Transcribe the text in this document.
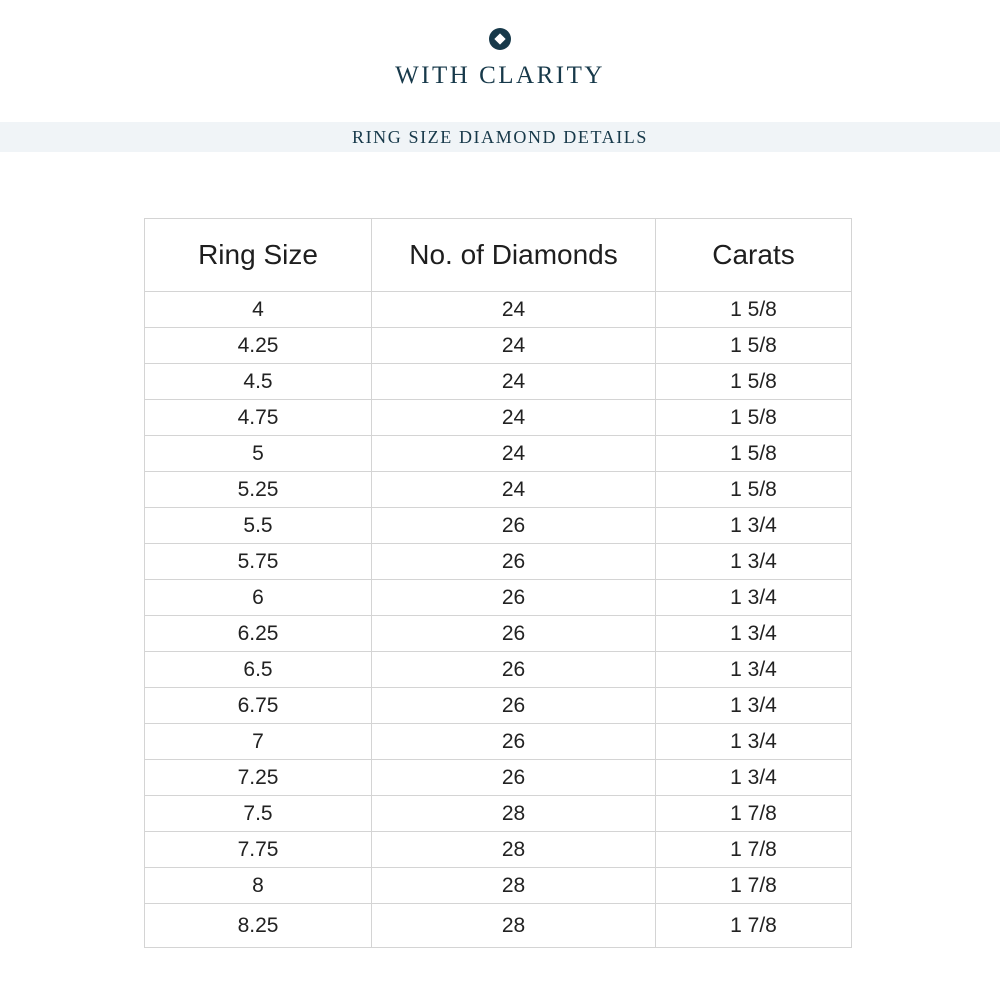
WITH CLARITY
RING SIZE DIAMOND DETAILS
Ring Size	No. of Diamonds	Carats
4	24	1 5/8
4.25	24	1 5/8
4.5	24	1 5/8
4.75	24	1 5/8
5	24	1 5/8
5.25	24	1 5/8
5.5	26	1 3/4
5.75	26	1 3/4
6	26	1 3/4
6.25	26	1 3/4
6.5	26	1 3/4
6.75	26	1 3/4
7	26	1 3/4
7.25	26	1 3/4
7.5	28	1 7/8
7.75	28	1 7/8
8	28	1 7/8
8.25	28	1 7/8
